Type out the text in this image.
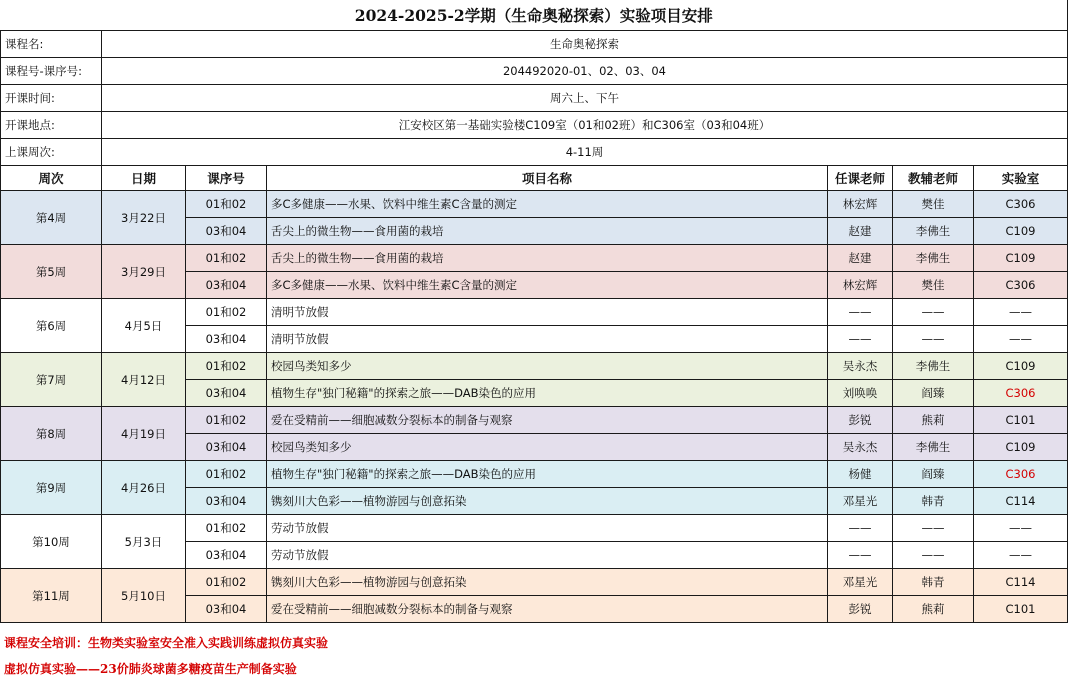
2024-2025-2学期（生命奥秘探索）实验项目安排						
课程名:	生命奥秘探索					
课程号-课序号:	204492020-01、02、03、04					
开课时间:	周六上、下午					
开课地点:	江安校区第一基础实验楼C109室（01和02班）和C306室（03和04班）					
上课周次:	4-11周					
周次	日期	课序号	项目名称	任课老师	教辅老师	实验室
第4周	3月22日	01和02	多C多健康——水果、饮料中维生素C含量的测定	林宏辉	樊佳	C306
		03和04	舌尖上的微生物——食用菌的栽培	赵建	李佛生	C109
第5周	3月29日	01和02	舌尖上的微生物——食用菌的栽培	赵建	李佛生	C109
		03和04	多C多健康——水果、饮料中维生素C含量的测定	林宏辉	樊佳	C306
第6周	4月5日	01和02	清明节放假	——	——	——
		03和04	清明节放假	——	——	——
第7周	4月12日	01和02	校园鸟类知多少	吴永杰	李佛生	C109
		03和04	植物生存"独门秘籍"的探索之旅——DAB染色的应用	刘唤唤	阎臻	C306
第8周	4月19日	01和02	爱在受精前——细胞减数分裂标本的制备与观察	彭锐	熊莉	C101
		03和04	校园鸟类知多少	吴永杰	李佛生	C109
第9周	4月26日	01和02	植物生存"独门秘籍"的探索之旅——DAB染色的应用	杨健	阎臻	C306
		03和04	镌刻川大色彩——植物游园与创意拓染	邓星光	韩青	C114
第10周	5月3日	01和02	劳动节放假	——	——	——
		03和04	劳动节放假	——	——	——
第11周	5月10日	01和02	镌刻川大色彩——植物游园与创意拓染	邓星光	韩青	C114
		03和04	爱在受精前——细胞减数分裂标本的制备与观察	彭锐	熊莉	C101
课程安全培训：生物类实验室安全准入实践训练虚拟仿真实验
虚拟仿真实验——23价肺炎球菌多糖疫苗生产制备实验
